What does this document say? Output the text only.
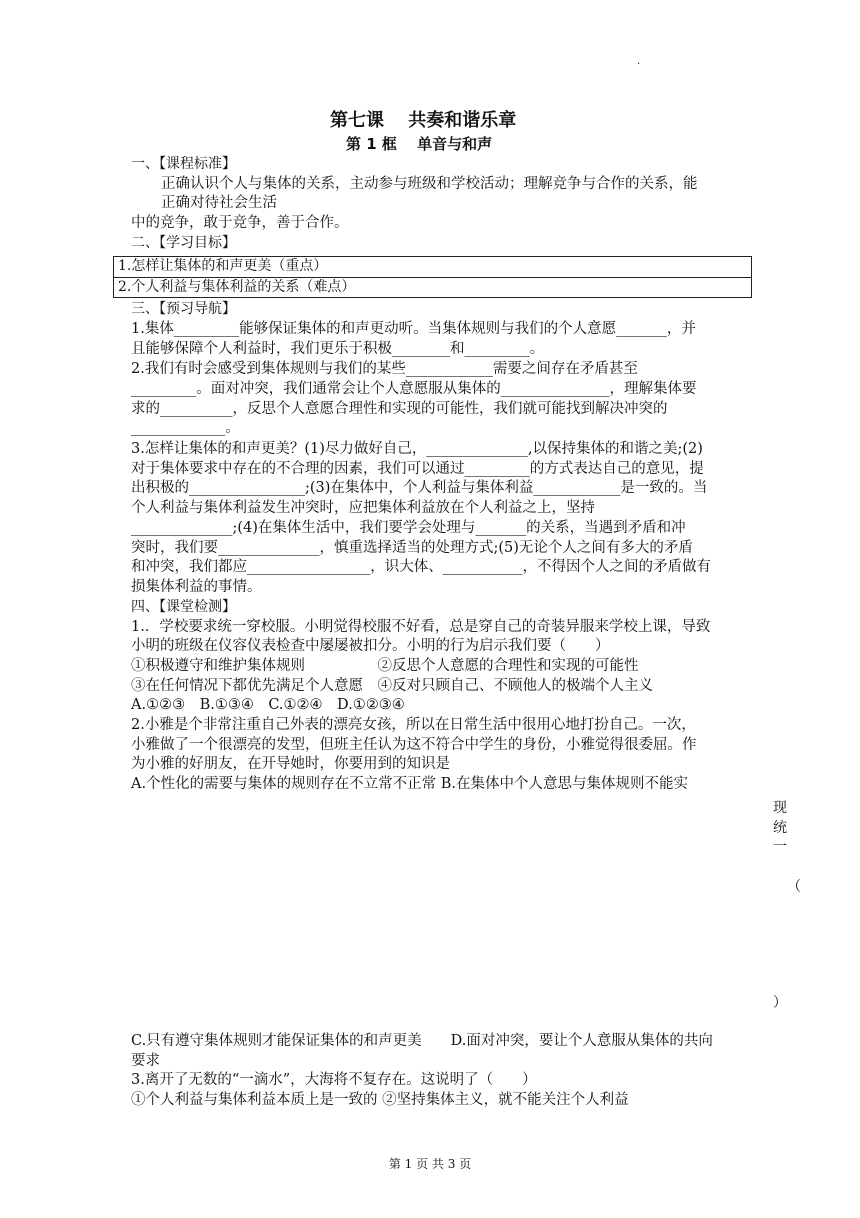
.
第七课　 共奏和谐乐章
第 1 框　 单音与和声
一、【课程标准】
正确认识个人与集体的关系，主动参与班级和学校活动；理解竞争与合作的关系，能
正确对待社会生活
中的竞争，敢于竞争，善于合作。
二、【学习目标】
1.怎样让集体的和声更美（重点）
2.个人利益与集体利益的关系（难点）
三、【预习导航】
1.集体_________能够保证集体的和声更动听。当集体规则与我们的个人意愿_______，并
且能够保障个人利益时，我们更乐于积极________和_________。
2.我们有时会感受到集体规则与我们的某些____________需要之间存在矛盾甚至
_________。面对冲突，我们通常会让个人意愿服从集体的_______________，理解集体要
求的__________，反思个人意愿合理性和实现的可能性，我们就可能找到解决冲突的
_____________。
3.怎样让集体的和声更美？(1)尽力做好自己，______________,以保持集体的和谐之美;(2)
对于集体要求中存在的不合理的因素，我们可以通过_________的方式表达自己的意见，提
出积极的________________;(3)在集体中，个人利益与集体利益____________是一致的。当
个人利益与集体利益发生冲突时，应把集体利益放在个人利益之上，坚持
______________;(4)在集体生活中，我们要学会处理与_______的关系，当遇到矛盾和冲
突时，我们要______________，慎重选择适当的处理方式;(5)无论个人之间有多大的矛盾
和冲突，我们都应_________________，识大体、___________，不得因个人之间的矛盾做有
损集体利益的事情。
四、【课堂检测】
1.．学校要求统一穿校服。小明觉得校服不好看，总是穿自己的奇装异服来学校上课，导致
小明的班级在仪容仪表检查中屡屡被扣分。小明的行为启示我们要（　　）
①积极遵守和维护集体规则　　　　　②反思个人意愿的合理性和实现的可能性
③在任何情况下都优先满足个人意愿　④反对只顾自己、不顾他人的极端个人主义
A.①②③　B.①③④　C.①②④　D.①②③④
2.小雅是个非常注重自己外表的漂亮女孩，所以在日常生活中很用心地打扮自己。一次，
小雅做了一个很漂亮的发型，但班主任认为这不符合中学生的身份，小雅觉得很委屈。作
为小雅的好朋友，在开导她时，你要用到的知识是
A.个性化的需要与集体的规则存在不立常不正常 B.在集体中个人意思与集体规则不能实
现
统
一
（
）
C.只有遵守集体规则才能保证集体的和声更美　　D.面对冲突，要让个人意服从集体的共向
要求
3.离开了无数的“一滴水”，大海将不复存在。这说明了（　　）
①个人利益与集体利益本质上是一致的 ②坚持集体主义，就不能关注个人利益
第 1 页 共 3 页
